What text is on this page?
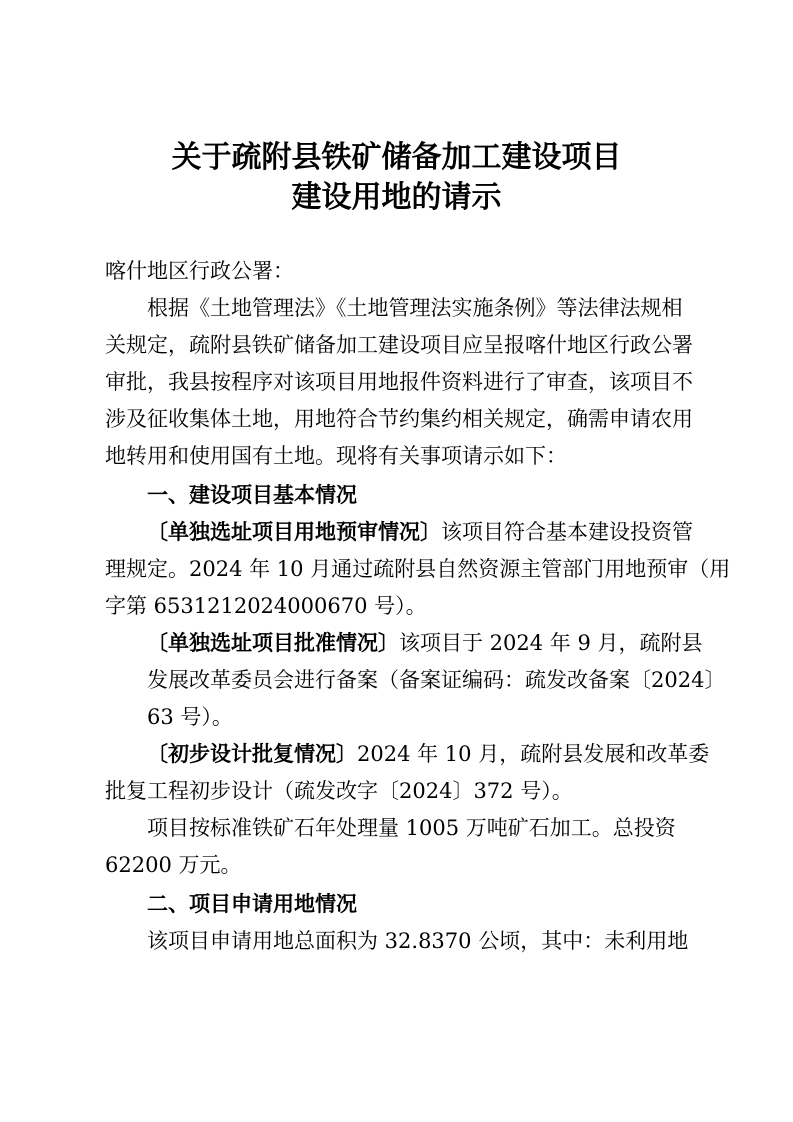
关于疏附县铁矿储备加工建设项目
建设用地的请示
喀什地区行政公署：
根据《土地管理法》《土地管理法实施条例》等法律法规相
关规定，疏附县铁矿储备加工建设项目应呈报喀什地区行政公署
审批，我县按程序对该项目用地报件资料进行了审查，该项目不
涉及征收集体土地，用地符合节约集约相关规定，确需申请农用
地转用和使用国有土地。现将有关事项请示如下：
一、建设项目基本情况
〔单独选址项目用地预审情况〕该项目符合基本建设投资管
理规定。2024 年 10 月通过疏附县自然资源主管部门用地预审（用
字第 6531212024000670 号）。
〔单独选址项目批准情况〕该项目于 2024 年 9 月，疏附县
发展改革委员会进行备案（备案证编码：疏发改备案〔2024〕
63 号）。
〔初步设计批复情况〕2024 年 10 月，疏附县发展和改革委
批复工程初步设计（疏发改字〔2024〕372 号）。
项目按标准铁矿石年处理量 1005 万吨矿石加工。总投资
62200 万元。
二、项目申请用地情况
该项目申请用地总面积为 32.8370 公顷，其中：未利用地
